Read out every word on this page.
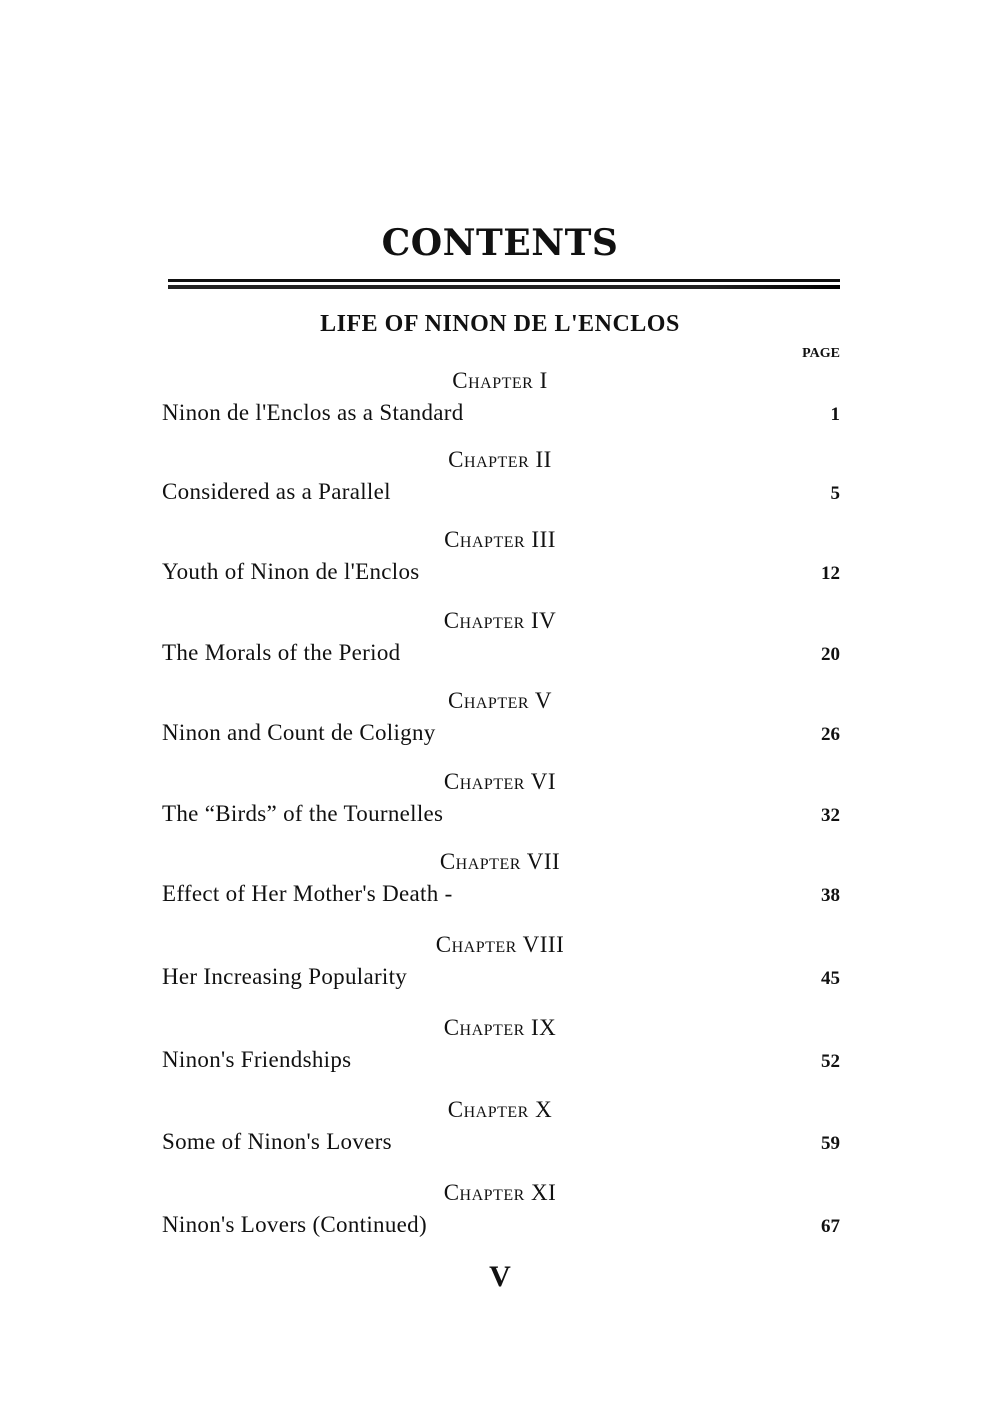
CONTENTS
LIFE OF NINON DE L'ENCLOS
PAGE
Chapter I
Ninon de l'Enclos as a Standard	1
Chapter II
Considered as a Parallel	5
Chapter III
Youth of Ninon de l'Enclos	12
Chapter IV
The Morals of the Period	20
Chapter V
Ninon and Count de Coligny	26
Chapter VI
The “Birds” of the Tournelles	32
Chapter VII
Effect of Her Mother's Death -	38
Chapter VIII
Her Increasing Popularity	45
Chapter IX
Ninon's Friendships	52
Chapter X
Some of Ninon's Lovers	59
Chapter XI
Ninon's Lovers (Continued)	67
V
